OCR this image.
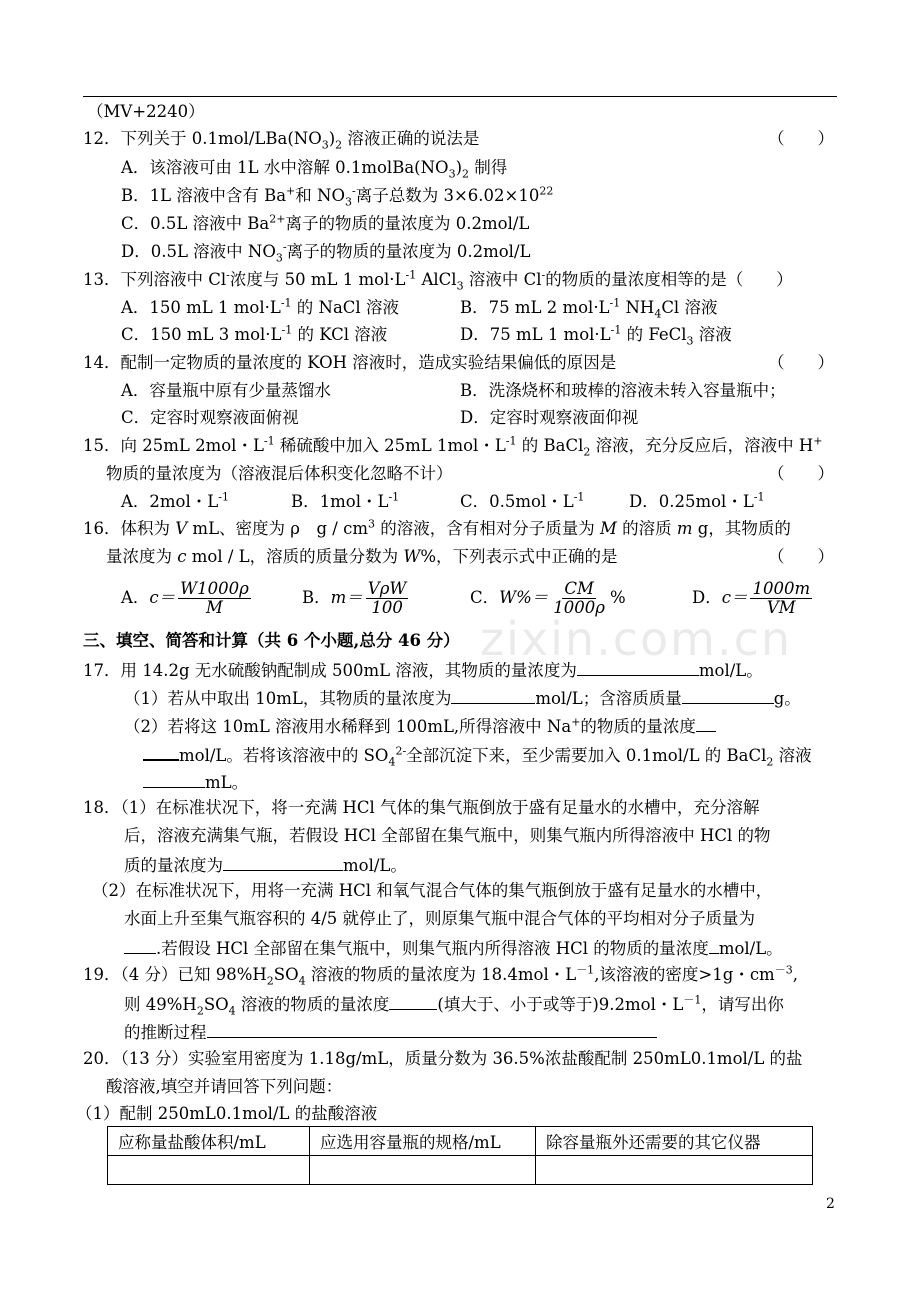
（MV+2240）
12．下列关于 $0.1mol/LBa(NO_3)_2$ 溶液正确的说法是	（　　）
A．该溶液可由 1L 水中溶解 $0.1molBa(NO_3)_2$ 制得
B．1L 溶液中含有 Ba+和 $NO_3^-$离子总数为 $3\times 6.02\times 10^{22}$
C．0.5L 溶液中 $Ba^{2+}$离子的物质的量浓度为 0.2mol/L
D．0.5L 溶液中 $NO_3^-$离子的物质的量浓度为 0.2mol/L
13．下列溶液中 Cl-浓度与 50 mL 1 $mol\cdot L^{-1}$ AlCl$_3$ 溶液中 Cl-的物质的量浓度相等的是（　　）
A．150 mL 1 $mol\cdot L^{-1}$ 的 NaCl 溶液	B．75 mL 2 $mol\cdot L^{-1}$ $NH_4Cl$ 溶液
C．150 mL 3 $mol\cdot L^{-1}$ 的 KCl 溶液	D．75 mL 1 $mol\cdot L^{-1}$ 的 FeCl$_3$ 溶液
14．配制一定物质的量浓度的 KOH 溶液时，造成实验结果偏低的原因是	（　　）
A．容量瓶中原有少量蒸馏水	B．洗涤烧杯和玻棒的溶液未转入容量瓶中；
C．定容时观察液面俯视	D．定容时观察液面仰视
15．向 25mL 2mol・$L^{-1}$ 稀硫酸中加入 25mL 1mol・$L^{-1}$ 的 BaCl$_2$ 溶液，充分反应后，溶液中 H+
物质的量浓度为（溶液混后体积变化忽略不计）	（　　）
A．2mol・$L^{-1}$	B．1mol・$L^{-1}$	C．0.5mol・$L^{-1}$	D．0.25mol・$L^{-1}$
16．体积为 V mL、密度为 ρ　g / $cm^3$ 的溶液，含有相对分子质量为 M 的溶质 m g，其物质的
量浓度为 c mol / L，溶质的质量分数为 W%，下列表示式中正确的是	（　　）
A．$c= \frac{W1000\rho}{M}$	B．$m= \frac{\text{VρW}}{100}$	C．$W\%= \frac{CM}{1000\rho}$ %	D．$c= \frac{1000m}{VM}$
三、填空、简答和计算（共 6 个小题,总分 46 分）
17．用 14.2g 无水硫酸钠配制成 500mL 溶液，其物质的量浓度为	mol/L。
（1）若从中取出 10mL，其物质的量浓度为	mol/L；含溶质质量	g。
（2）若将这 10mL 溶液用水稀释到 100mL,所得溶液中 Na+的物质的量浓度
mol/L。若将该溶液中的 $SO_4^{2-}$全部沉淀下来，至少需要加入 0.1mol/L 的 BaCl$_2$ 溶液
mL。
18．（1）在标准状况下，将一充满 HCl 气体的集气瓶倒放于盛有足量水的水槽中，充分溶解
后，溶液充满集气瓶，若假设 HCl 全部留在集气瓶中，则集气瓶内所得溶液中 HCl 的物
质的量浓度为	mol/L。
（2）在标准状况下，用将一充满 HCl 和氧气混合气体的集气瓶倒放于盛有足量水的水槽中，
水面上升至集气瓶容积的 4/5 就停止了，则原集气瓶中混合气体的平均相对分子质量为
.若假设 HCl 全部留在集气瓶中，则集气瓶内所得溶液 HCl 的物质的量浓度 mol/L。
19．（4 分）已知 $98\%H_2SO_4$ 溶液的物质的量浓度为 18.4mol・$L^{-1}$,该溶液的密度>1g・$cm^{-3}$,
则 $49\%H_2SO_4$ 溶液的物质的量浓度	(填大于、小于或等于)9.2mol・$L^{-1}$，请写出你
的推断过程
20．（13 分）实验室用密度为 1.18g/mL，质量分数为 36.5%浓盐酸配制 250mL0.1mol/L 的盐
酸溶液,填空并请回答下列问题：
（1）配制 250mL0.1mol/L 的盐酸溶液
应称量盐酸体积/mL	应选用容量瓶的规格/mL	除容量瓶外还需要的其它仪器

zixin.com.cn
2
